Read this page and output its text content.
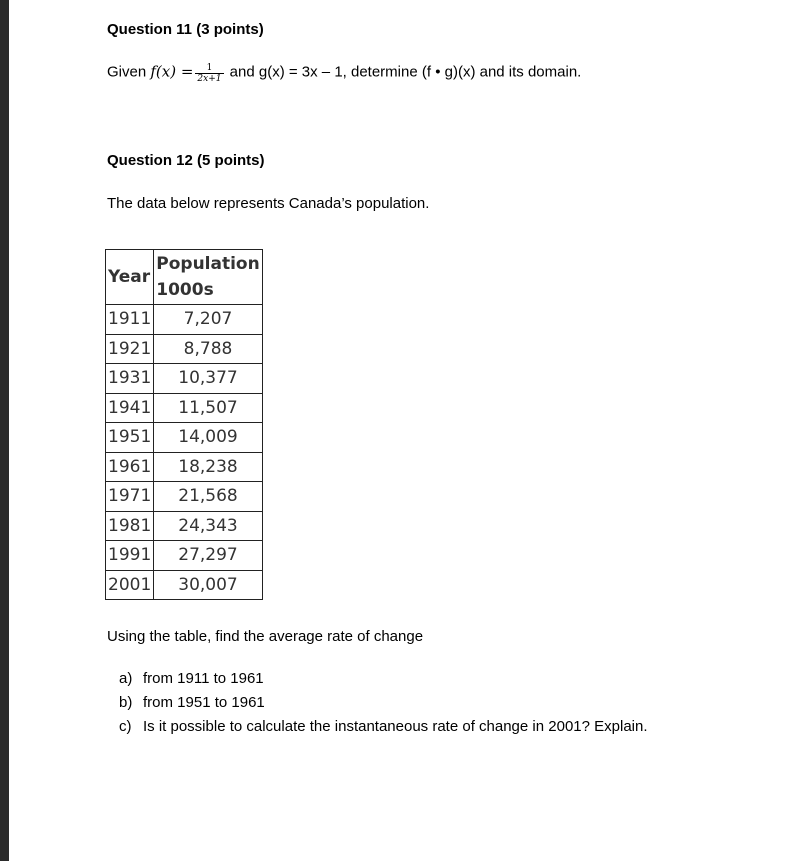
Question 11 (3 points)
Given $f(x) = \frac{1}{2x+1}$ and g(x) = 3x – 1, determine (f • g)(x) and its domain.
Question 12 (5 points)
The data below represents Canada’s population.
Year	Population
1000s

1911	7,207
1921	8,788
1931	10,377
1941	11,507
1951	14,009
1961	18,238
1971	21,568
1981	24,343
1991	27,297
2001	30,007
Using the table, find the average rate of change
a) from 1911 to 1961
b) from 1951 to 1961
c) Is it possible to calculate the instantaneous rate of change in 2001? Explain.
